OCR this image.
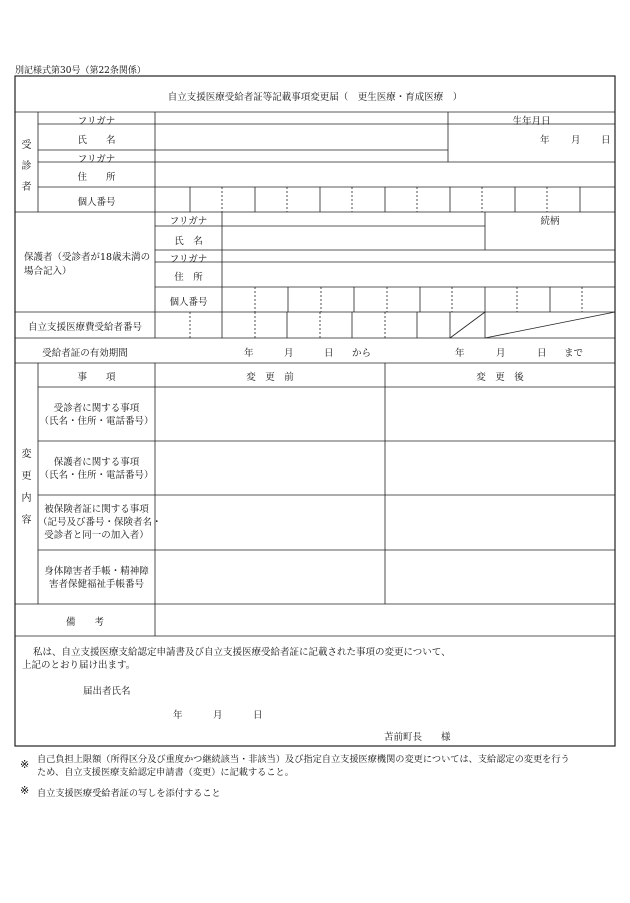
別記様式第30号（第22条関係）
自立支援医療受給者証等記載事項変更届（　更生医療・育成医療　）
受
診
者
フリガナ
氏　　名
フリガナ
住　　所
個人番号
生年月日
年 月 日
保護者（受診者が18歳未満の
場合記入）
フリガナ
氏　名
フリガナ
住　所
個人番号
続柄
自立支援医療費受給者番号
受給者証の有効期間	年	月	日 から	年	月	日 まで
変
更
内
容
事　　項	変　更　前	変　更　後
受診者に関する事項
（氏名・住所・電話番号）
保護者に関する事項
（氏名・住所・電話番号）
被保険者証に関する事項
（記号及び番号・保険者名・
受診者と同一の加入者）
身体障害者手帳・精神障
害者保健福祉手帳番号
備　　考
私は、自立支援医療支給認定申請書及び自立支援医療受給者証に記載された事項の変更について、
上記のとおり届け出ます。
届出者氏名
年	月	日
苫前町長　　様
※ 自己負担上限額（所得区分及び重度かつ継続該当・非該当）及び指定自立支援医療機関の変更については、支給認定の変更を行う
ため、自立支援医療支給認定申請書（変更）に記載すること。
※ 自立支援医療受給者証の写しを添付すること
